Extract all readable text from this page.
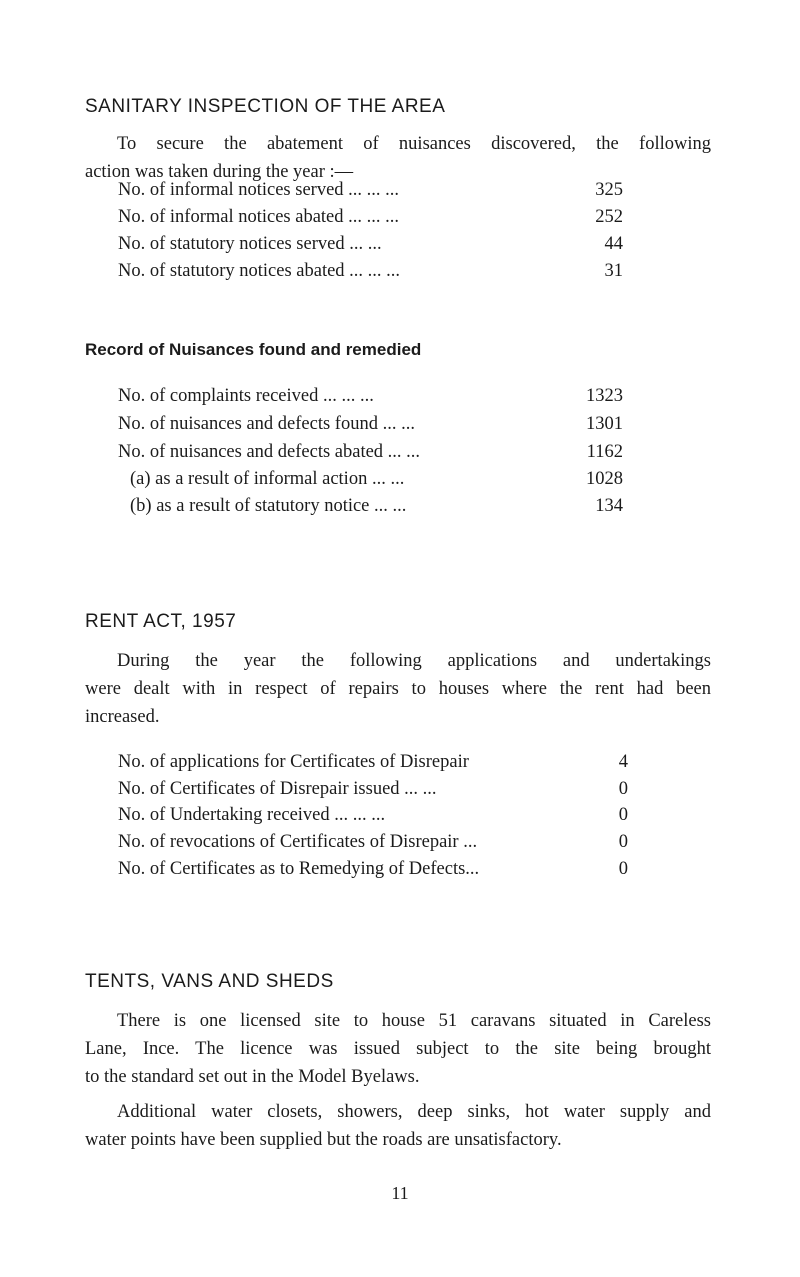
SANITARY INSPECTION OF THE AREA
To secure the abatement of nuisances discovered, the following
action was taken during the year :—
No. of informal notices served ... ... ...	325
No. of informal notices abated ... ... ...	252
No. of statutory notices served ... ...	44
No. of statutory notices abated ... ... ...	31
Record of Nuisances found and remedied
No. of complaints received ... ... ...	1323
No. of nuisances and defects found ... ...	1301
No. of nuisances and defects abated ... ...	1162
(a) as a result of informal action ... ...	1028
(b) as a result of statutory notice ... ...	134
RENT ACT, 1957
During the year the following applications and undertakings
were dealt with in respect of repairs to houses where the rent had been
increased.
No. of applications for Certificates of Disrepair	4
No. of Certificates of Disrepair issued ... ...	0
No. of Undertaking received ... ... ...	0
No. of revocations of Certificates of Disrepair ...	0
No. of Certificates as to Remedying of Defects...	0
TENTS, VANS AND SHEDS
There is one licensed site to house 51 caravans situated in Careless
Lane, Ince. The licence was issued subject to the site being brought
to the standard set out in the Model Byelaws.
Additional water closets, showers, deep sinks, hot water supply and
water points have been supplied but the roads are unsatisfactory.
11
